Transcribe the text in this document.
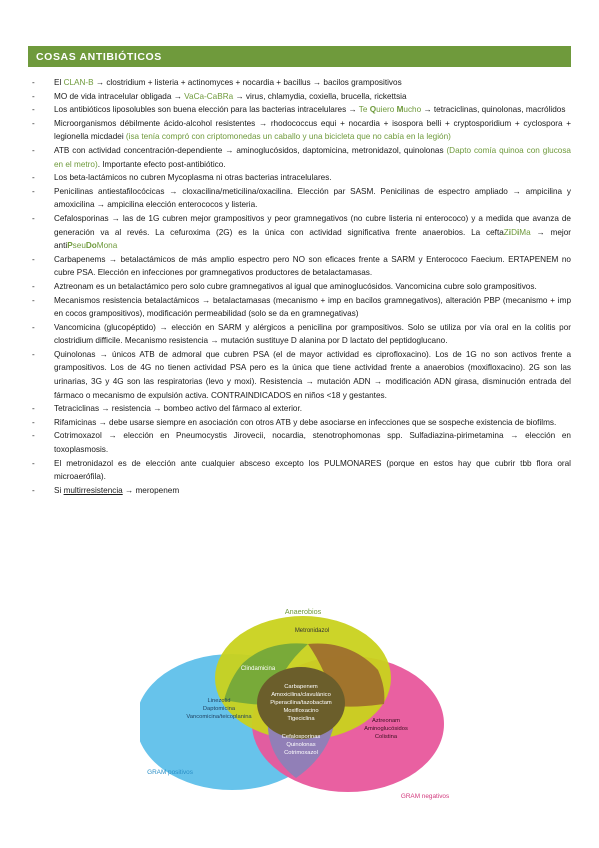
COSAS ANTIBIÓTICOS
- El CLAN-B → clostridium + listeria + actinomyces + nocardia + bacillus → bacilos grampositivos
- MO de vida intracelular obligada → VaCa-CaBRa → virus, chlamydia, coxiella, brucella, rickettsia
- Los antibióticos liposolubles son buena elección para las bacterias intracelulares → Te Quiero Mucho → tetraciclinas, quinolonas, macrólidos
- Microorganismos débilmente ácido-alcohol resistentes → rhodococcus equi + nocardia + isospora belli + cryptosporidium + cyclospora + legionella micdadei (isa tenía compró con criptomonedas un caballo y una bicicleta que no cabía en la legión)
- ATB con actividad concentración-dependiente → aminoglucósidos, daptomicina, metronidazol, quinolonas (Dapto comía quinoa con glucosa en el metro). Importante efecto post-antibiótico.
- Los beta-lactámicos no cubren Mycoplasma ni otras bacterias intracelulares.
- Penicilinas antiestafilocócicas → cloxacilina/meticilina/oxacilina. Elección par SASM. Penicilinas de espectro ampliado → ampicilina y amoxicilina → ampicilina elección enterococos y listeria.
- Cefalosporinas → las de 1G cubren mejor grampositivos y peor gramnegativos (no cubre listeria ni enterococo) y a medida que avanza de generación va al revés. La cefuroxima (2G) es la única con actividad significativa frente anaerobios. La ceftaZiDiMa → mejor antiPseuDoMona
- Carbapenems → betalactámicos de más amplio espectro pero NO son eficaces frente a SARM y Enterococo Faecium. ERTAPENEM no cubre PSA. Elección en infecciones por gramnegativos productores de betalactamasas.
- Aztreonam es un betalactámico pero solo cubre gramnegativos al igual que aminoglucósidos. Vancomicina cubre solo grampositivos.
- Mecanismos resistencia betalactámicos → betalactamasas (mecanismo + imp en bacilos gramnegativos), alteración PBP (mecanismo + imp en cocos grampositivos), modificación permeabilidad (solo se da en gramnegativas)
- Vancomicina (glucopéptido) → elección en SARM y alérgicos a penicilina por grampositivos. Solo se utiliza por vía oral en la colitis por clostridium difficile. Mecanismo resistencia → mutación sustituye D alanina por D lactato del peptidoglucano.
- Quinolonas → únicos ATB de admoral que cubren PSA (el de mayor actividad es ciprofloxacino). Los de 1G no son activos frente a grampositivos. Los de 4G no tienen actividad PSA pero es la única que tiene actividad frente a anaerobios (moxifloxacino). 2G son las urinarias, 3G y 4G son las respiratorias (levo y moxi). Resistencia → mutación ADN → modificación ADN girasa, disminución entrada del fármaco o mecanismo de expulsión activa. CONTRAINDICADOS en niños <18 y gestantes.
- Tetraciclinas → resistencia → bombeo activo del fármaco al exterior.
- Rifamicinas → debe usarse siempre en asociación con otros ATB y debe asociarse en infecciones que se sospeche existencia de biofilms.
- Cotrimoxazol → elección en Pneumocystis Jirovecii, nocardia, stenotrophomonas spp. Sulfadiazina-pirimetamina → elección en toxoplasmosis.
- El metronidazol es de elección ante cualquier absceso excepto los PULMONARES (porque en estos hay que cubrir tbb flora oral microaerófila).
- Si multirresistencia → meropenem
Anaerobios
Metronidazol
Clindamicina
Linezolid
Daptomicina
Vancomicina/teicoplanina
Carbapenem
Amoxicilina/clavulánico
Piperacilina/tazobactam
Moxifloxacino
Tigeciclina
Cefalosporinas
Quinolonas
Cotrimoxazol
Aztreonam
Aminoglucósidos
Colistina
GRAM positivos
GRAM negativos
